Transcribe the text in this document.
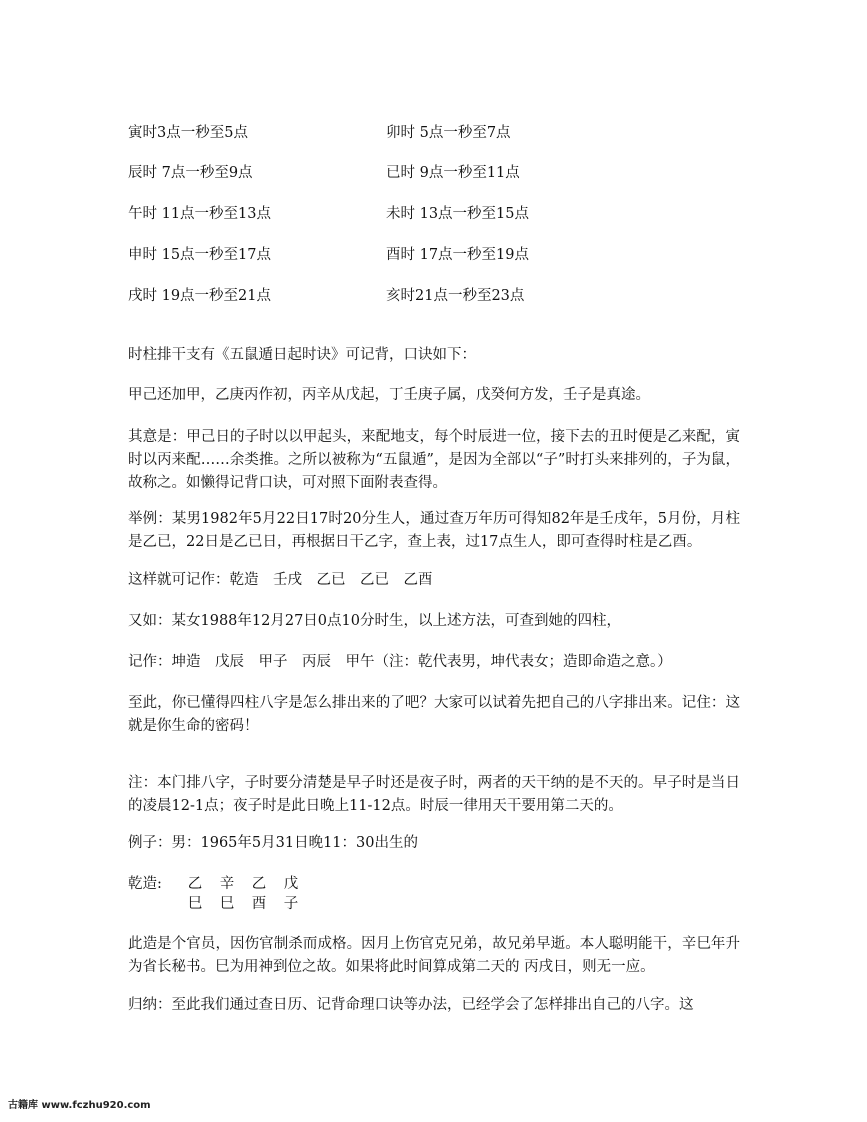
寅时3点一秒至5点	卯时 5点一秒至7点
辰时 7点一秒至9点	已时 9点一秒至11点
午时 11点一秒至13点	未时 13点一秒至15点
申时 15点一秒至17点	酉时 17点一秒至19点
戌时 19点一秒至21点	亥时21点一秒至23点
时柱排干支有《五鼠遁日起时诀》可记背，口诀如下：
甲己还加甲，乙庚丙作初，丙辛从戊起，丁壬庚子属，戊癸何方发，壬子是真途。
其意是：甲己日的子时以以甲起头，来配地支，每个时辰进一位，接下去的丑时便是乙来配，寅时以丙来配……余类推。之所以被称为“五鼠遁”，是因为全部以“子”时打头来排列的，子为鼠，故称之。如懒得记背口诀，可对照下面附表查得。
举例：某男1982年5月22日17时20分生人，通过查万年历可得知82年是壬戌年，5月份，月柱是乙已，22日是乙已日，再根据日干乙字，查上表，过17点生人，即可查得时柱是乙酉。
这样就可记作：乾造　壬戌　乙已　乙已　乙酉
又如：某女1988年12月27日0点10分时生，以上述方法，可查到她的四柱，
记作：坤造　戊辰　甲子　丙辰　甲午（注：乾代表男，坤代表女；造即命造之意。）
至此，你已懂得四柱八字是怎么排出来的了吧？大家可以试着先把自己的八字排出来。记住：这就是你生命的密码！
注：本门排八字，子时要分清楚是早子时还是夜子时，两者的天干纳的是不天的。早子时是当日的凌晨12-1点；夜子时是此日晚上11-12点。时辰一律用天干要用第二天的。
例子：男：1965年5月31日晚11：30出生的
乾造: 乙 辛 乙 戊
巳 巳 酉 子
此造是个官员，因伤官制杀而成格。因月上伤官克兄弟，故兄弟早逝。本人聪明能干，辛巳年升为省长秘书。巳为用神到位之故。如果将此时间算成第二天的 丙戌日，则无一应。
归纳：至此我们通过查日历、记背命理口诀等办法，已经学会了怎样排出自己的八字。这
古籍库 www.fczhu920.com
